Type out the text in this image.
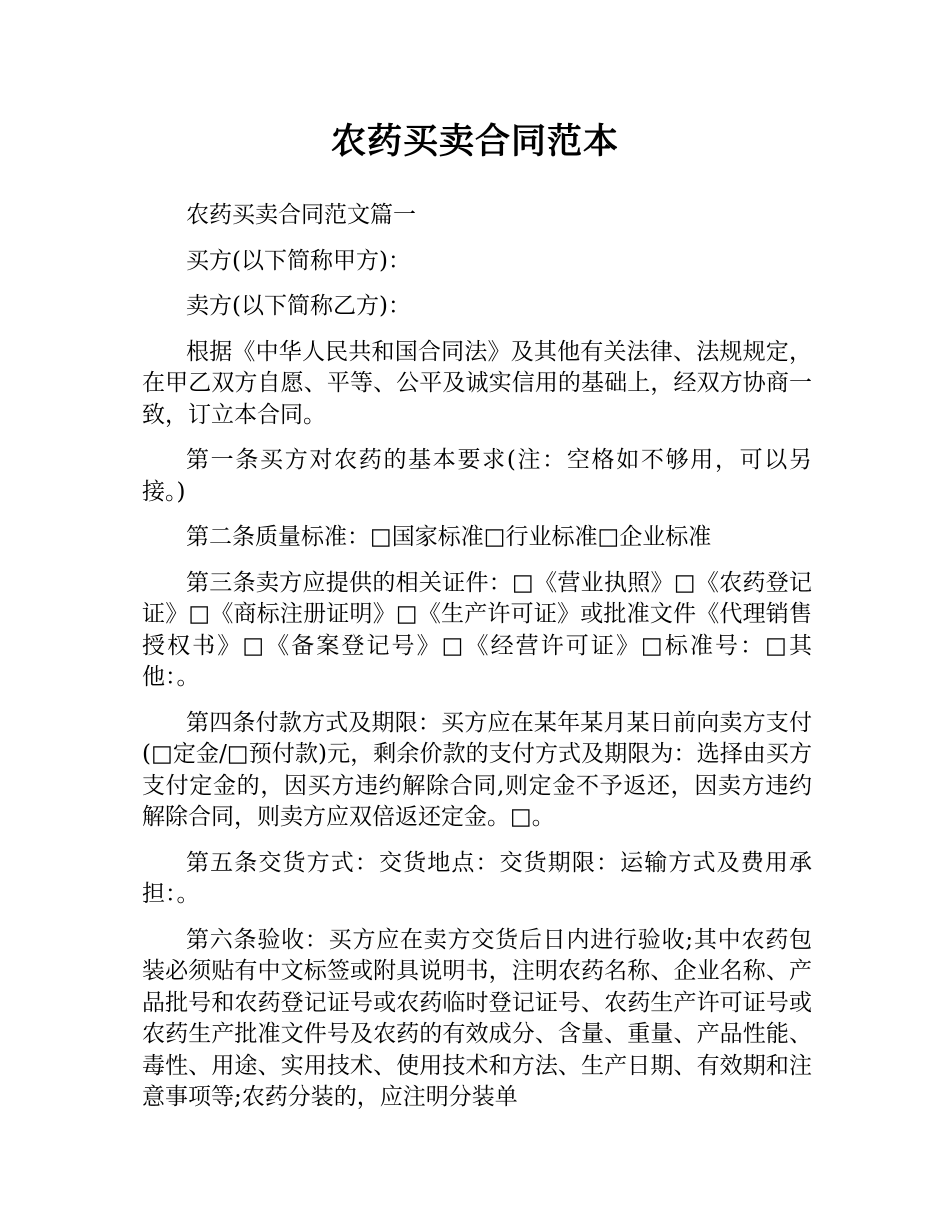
农药买卖合同范本

农药买卖合同范文篇一

买方(以下简称甲方)：

卖方(以下简称乙方)：

根据《中华人民共和国合同法》及其他有关法律、法规规定，在甲乙双方自愿、平等、公平及诚实信用的基础上，经双方协商一致，订立本合同。

第一条买方对农药的基本要求(注：空格如不够用，可以另接。)

第二条质量标准：□国家标准□行业标准□企业标准

第三条卖方应提供的相关证件：□《营业执照》□《农药登记证》□《商标注册证明》□《生产许可证》或批准文件《代理销售授权书》□《备案登记号》□《经营许可证》□标准号：□其他：。

第四条付款方式及期限：买方应在某年某月某日前向卖方支付(□定金/□预付款)元，剩余价款的支付方式及期限为：选择由买方支付定金的，因买方违约解除合同,则定金不予返还，因卖方违约解除合同，则卖方应双倍返还定金。□。

第五条交货方式：交货地点：交货期限：运输方式及费用承担：。

第六条验收：买方应在卖方交货后日内进行验收;其中农药包装必须贴有中文标签或附具说明书，注明农药名称、企业名称、产品批号和农药登记证号或农药临时登记证号、农药生产许可证号或农药生产批准文件号及农药的有效成分、含量、重量、产品性能、毒性、用途、实用技术、使用技术和方法、生产日期、有效期和注意事项等;农药分装的，应注明分装单
